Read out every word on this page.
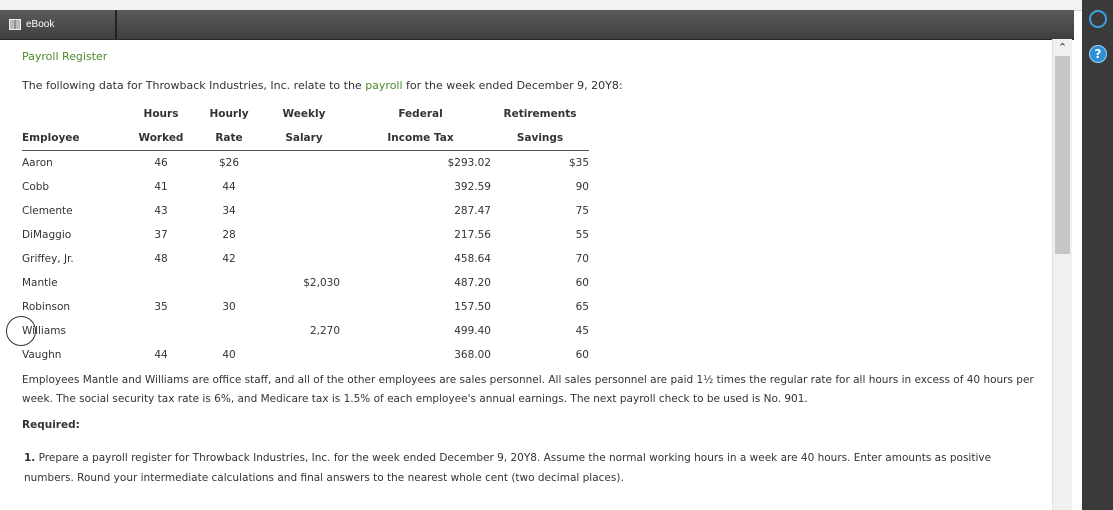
eBook
?
⌃
Payroll Register
The following data for Throwback Industries, Inc. relate to the payroll for the week ended December 9, 20Y8:
	Hours	Hourly	Weekly	Federal	Retirements
Employee	Worked	Rate	Salary	Income Tax	Savings
Aaron	46	$26		$293.02	$35
Cobb	41	44		392.59	90
Clemente	43	34		287.47	75
DiMaggio	37	28		217.56	55
Griffey, Jr.	48	42		458.64	70
Mantle			$2,030	487.20	60
Robinson	35	30		157.50	65
Williams			2,270	499.40	45
Vaughn	44	40		368.00	60
Employees Mantle and Williams are office staff, and all of the other employees are sales personnel. All sales personnel are paid 1½ times the regular rate for all hours in excess of 40 hours per week. The social security tax rate is 6%, and Medicare tax is 1.5% of each employee's annual earnings. The next payroll check to be used is No. 901.
Required:
1. Prepare a payroll register for Throwback Industries, Inc. for the week ended December 9, 20Y8. Assume the normal working hours in a week are 40 hours. Enter amounts as positive numbers. Round your intermediate calculations and final answers to the nearest whole cent (two decimal places).
